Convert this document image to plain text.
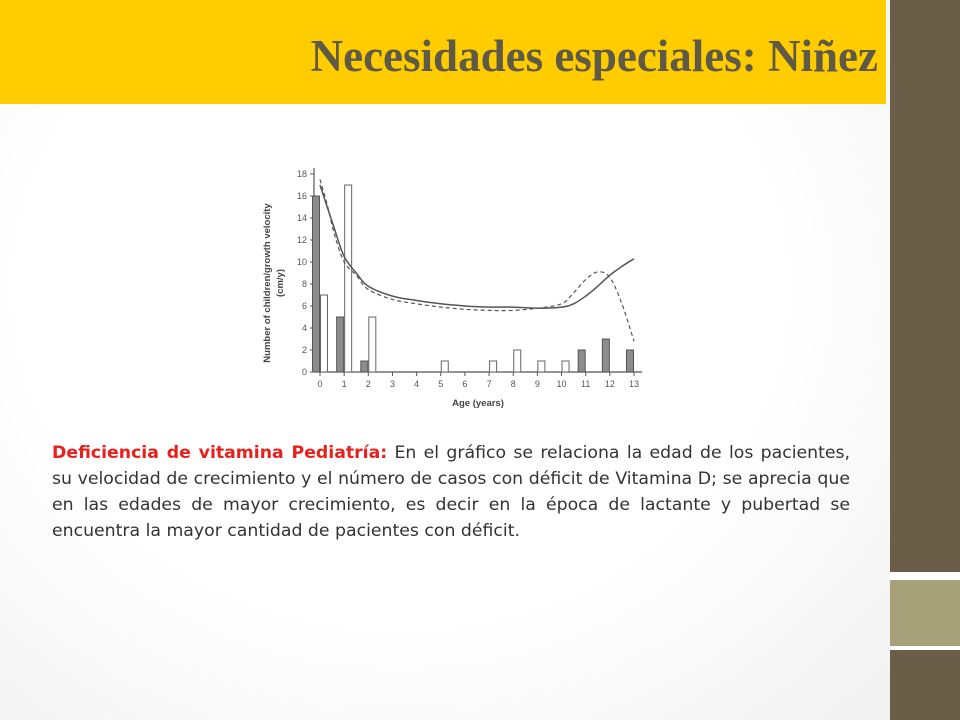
Necesidades especiales: Niñez
0
2
4
6
8
10
12
14
16
18
0 1 2 3 4 5 6 7 8 9 10 11 12 13
Age (years)
Number of children/growth velocity (cm/y)

Deficiencia de vitamina Pediatría: En el gráfico se relaciona la edad de los pacientes, su velocidad de crecimiento y el número de casos con déficit de Vitamina D; se aprecia que en las edades de mayor crecimiento, es decir en la época de lactante y pubertad se encuentra la mayor cantidad de pacientes con déficit.
